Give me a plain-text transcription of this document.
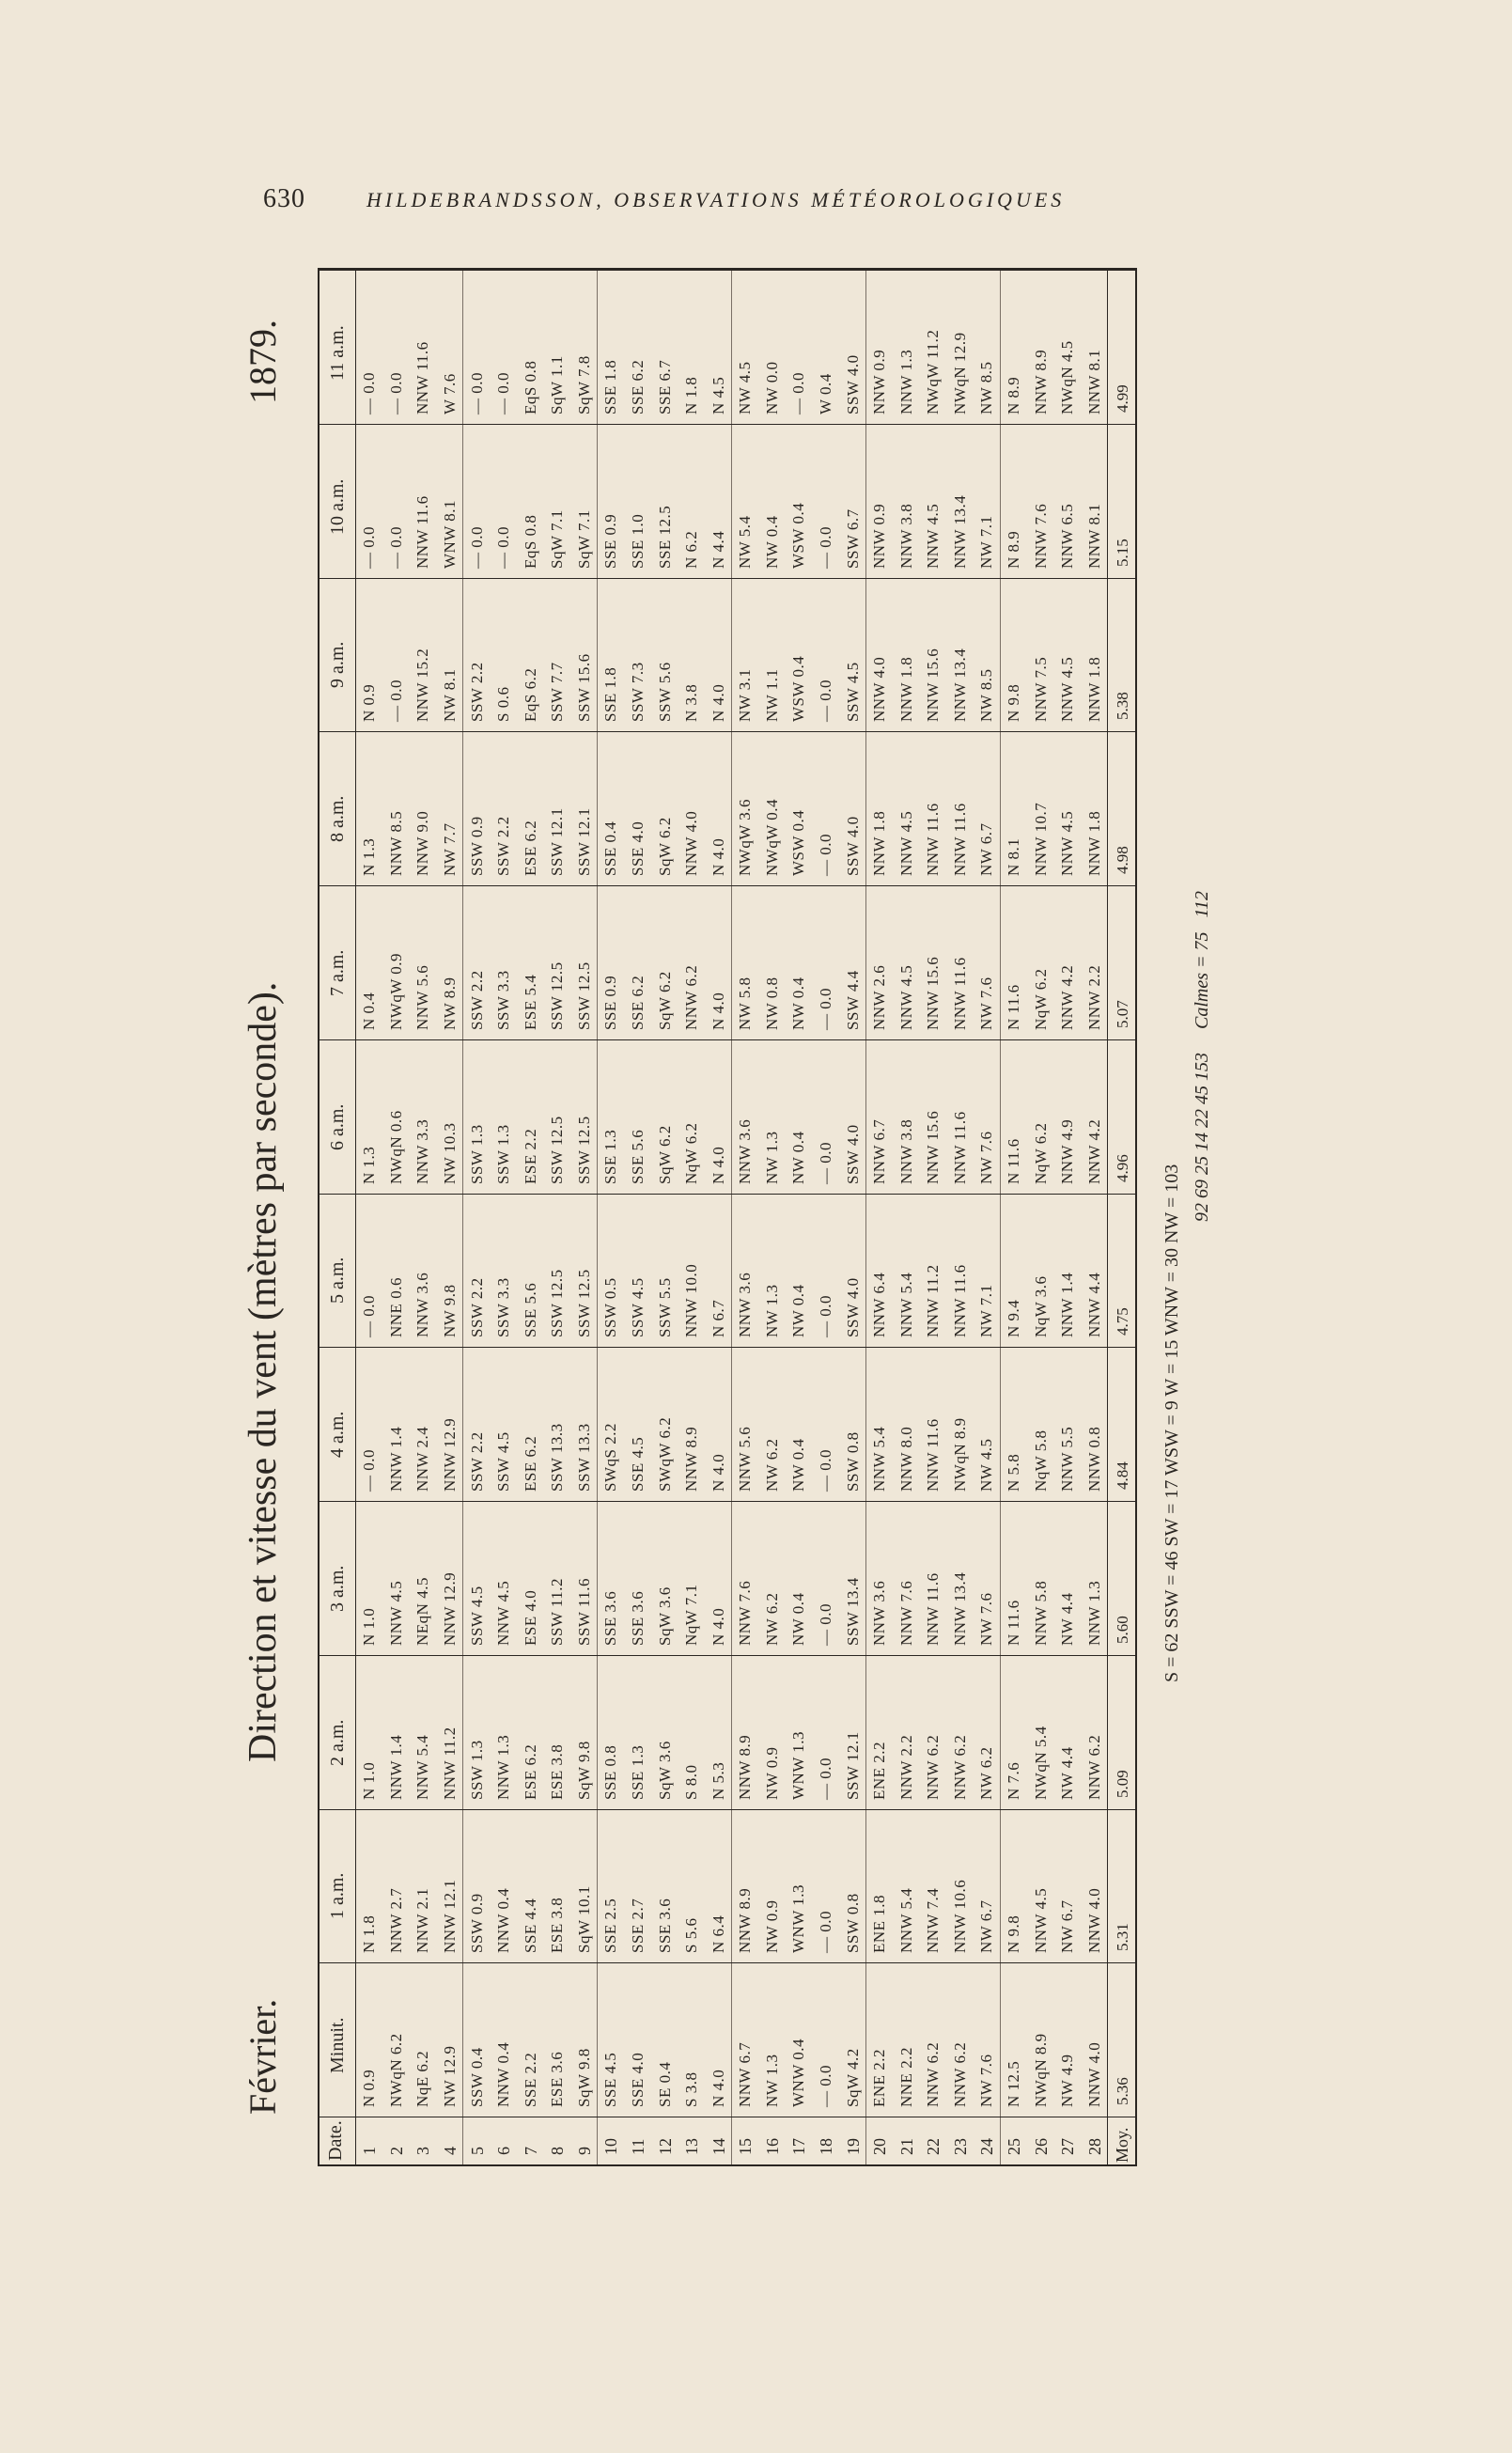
630	HILDEBRANDSSON, OBSERVATIONS MÉTÉOROLOGIQUES
1879.
Direction et vitesse du vent (mètres par seconde).
Février.
Date. 1 2 3 4 5 6 7 8 9 10 11 12 13 14 15 16 17 18 19 20 21 22 23 24 25 26 27 28 Moy.
Minuit.
5.36
N 0.9 NWqN 6.2 NqE 6.2 NW 12.9 SSW 0.4 NNW 0.4 SSE 2.2 ESE 3.6 SqW 9.8 SSE 4.5 SSE 4.0 SE 0.4 S 3.8 N 4.0 NNW 6.7 NW 1.3 WNW 0.4 — 0.0 SqW 4.2 ENE 2.2 NNE 2.2 NNW 6.2 NNW 6.2 NW 7.6 N 12.5 NWqN 8.9 NW 4.9 NNW 4.0
1 a.m.
5.31
N 1.8 NNW 2.7 NNW 2.1 NNW 12.1 SSW 0.9 NNW 0.4 SSE 4.4 ESE 3.8 SqW 10.1 SSE 2.5 SSE 2.7 SSE 3.6 S 5.6 N 6.4 NNW 8.9 NW 0.9 WNW 1.3 — 0.0 SSW 0.8 ENE 1.8 NNW 5.4 NNW 7.4 NNW 10.6 NW 6.7 N 9.8 NNW 4.5 NW 6.7 NNW 4.0
2 a.m.
5.09
N 1.0 NNW 1.4 NNW 5.4 NNW 11.2 SSW 1.3 NNW 1.3 ESE 6.2 ESE 3.8 SqW 9.8 SSE 0.8 SSE 1.3 SqW 3.6 S 8.0 N 5.3 NNW 8.9 NW 0.9 WNW 1.3 — 0.0 SSW 12.1 ENE 2.2 NNW 2.2 NNW 6.2 NNW 6.2 NW 6.2 N 7.6 NWqN 5.4 NW 4.4 NNW 6.2
3 a.m.
5.60
N 1.0 NNW 4.5 NEqN 4.5 NNW 12.9 SSW 4.5 NNW 4.5 ESE 4.0 SSW 11.2 SSW 11.6 SSE 3.6 SSE 3.6 SqW 3.6 NqW 7.1 N 4.0 NNW 7.6 NW 6.2 NW 0.4 — 0.0 SSW 13.4 NNW 3.6 NNW 7.6 NNW 11.6 NNW 13.4 NW 7.6 N 11.6 NNW 5.8 NW 4.4 NNW 1.3
4 a.m.
4.84
— 0.0 NNW 1.4 NNW 2.4 NNW 12.9 SSW 2.2 SSW 4.5 ESE 6.2 SSW 13.3 SSW 13.3 SWqS 2.2 SSE 4.5 SWqW 6.2 NNW 8.9 N 4.0 NNW 5.6 NW 6.2 NW 0.4 — 0.0 SSW 0.8 NNW 5.4 NNW 8.0 NNW 11.6 NWqN 8.9 NW 4.5 N 5.8 NqW 5.8 NNW 5.5 NNW 0.8
5 a.m.
4.75
— 0.0 NNE 0.6 NNW 3.6 NW 9.8 SSW 2.2 SSW 3.3 SSE 5.6 SSW 12.5 SSW 12.5 SSW 0.5 SSW 4.5 SSW 5.5 NNW 10.0 N 6.7 NNW 3.6 NW 1.3 NW 0.4 — 0.0 SSW 4.0 NNW 6.4 NNW 5.4 NNW 11.2 NNW 11.6 NW 7.1 N 9.4 NqW 3.6 NNW 1.4 NNW 4.4
6 a.m.
4.96
N 1.3 NWqN 0.6 NNW 3.3 NW 10.3 SSW 1.3 SSW 1.3 ESE 2.2 SSW 12.5 SSW 12.5 SSE 1.3 SSE 5.6 SqW 6.2 NqW 6.2 N 4.0 NNW 3.6 NW 1.3 NW 0.4 — 0.0 SSW 4.0 NNW 6.7 NNW 3.8 NNW 15.6 NNW 11.6 NW 7.6 N 11.6 NqW 6.2 NNW 4.9 NNW 4.2
7 a.m.
5.07
N 0.4 NWqW 0.9 NNW 5.6 NW 8.9 SSW 2.2 SSW 3.3 ESE 5.4 SSW 12.5 SSW 12.5 SSE 0.9 SSE 6.2 SqW 6.2 NNW 6.2 N 4.0 NW 5.8 NW 0.8 NW 0.4 — 0.0 SSW 4.4 NNW 2.6 NNW 4.5 NNW 15.6 NNW 11.6 NW 7.6 N 11.6 NqW 6.2 NNW 4.2 NNW 2.2
8 a.m.
4.98
N 1.3 NNW 8.5 NNW 9.0 NW 7.7 SSW 0.9 SSW 2.2 ESE 6.2 SSW 12.1 SSW 12.1 SSE 0.4 SSE 4.0 SqW 6.2 NNW 4.0 N 4.0 NWqW 3.6 NWqW 0.4 WSW 0.4 — 0.0 SSW 4.0 NNW 1.8 NNW 4.5 NNW 11.6 NNW 11.6 NW 6.7 N 8.1 NNW 10.7 NNW 4.5 NNW 1.8
9 a.m.
5.38
N 0.9 — 0.0 NNW 15.2 NW 8.1 SSW 2.2 S 0.6 EqS 6.2 SSW 7.7 SSW 15.6 SSE 1.8 SSW 7.3 SSW 5.6 N 3.8 N 4.0 NW 3.1 NW 1.1 WSW 0.4 — 0.0 SSW 4.5 NNW 4.0 NNW 1.8 NNW 15.6 NNW 13.4 NW 8.5 N 9.8 NNW 7.5 NNW 4.5 NNW 1.8
10 a.m.
5.15
— 0.0 — 0.0 NNW 11.6 WNW 8.1 — 0.0 — 0.0 EqS 0.8 SqW 7.1 SqW 7.1 SSE 0.9 SSE 1.0 SSE 12.5 N 6.2 N 4.4 NW 5.4 NW 0.4 WSW 0.4 — 0.0 SSW 6.7 NNW 0.9 NNW 3.8 NNW 4.5 NNW 13.4 NW 7.1 N 8.9 NNW 7.6 NNW 6.5 NNW 8.1
11 a.m.
4.99
— 0.0 — 0.0 NNW 11.6 W 7.6 — 0.0 — 0.0 EqS 0.8 SqW 1.1 SqW 7.8 SSE 1.8 SSE 6.2 SSE 6.7 N 1.8 N 4.5 NW 4.5 NW 0.0 — 0.0 W 0.4 SSW 4.0 NNW 0.9 NNW 1.3 NWqW 11.2 NWqN 12.9 NW 8.5 N 8.9 NNW 8.9 NWqN 4.5 NNW 8.1
S = 62 SSW = 46 SW = 17 WSW = 9 W = 15 WNW = 30 NW = 103
92 69 25 14 22 45 153     Calmes = 75   112
